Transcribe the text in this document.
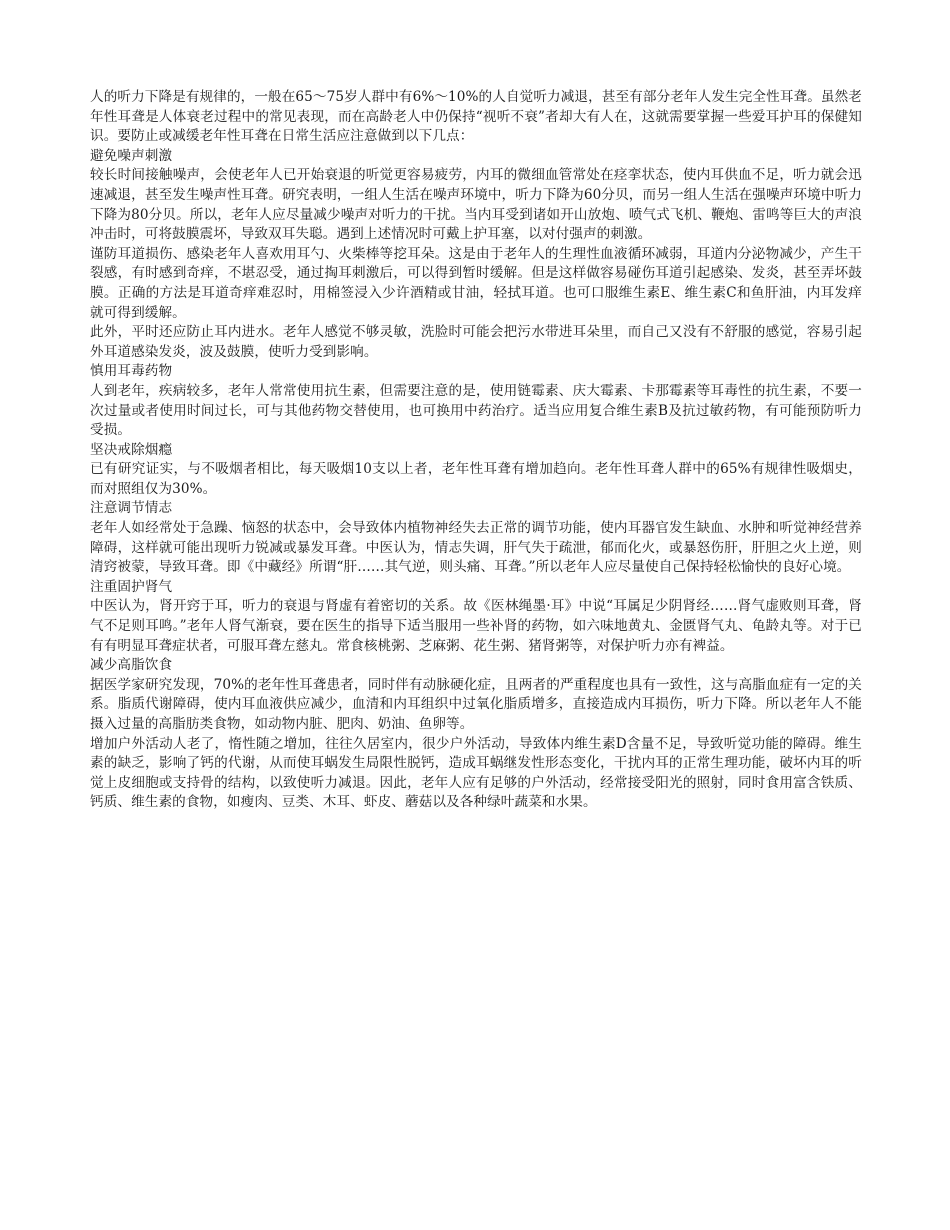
人的听力下降是有规律的，一般在65～75岁人群中有6%～10%的人自觉听力减退，甚至有部分老年人发生完全性耳聋。虽然老年性耳聋是人体衰老过程中的常见表现，而在高龄老人中仍保持“视听不衰”者却大有人在，这就需要掌握一些爱耳护耳的保健知识。要防止或减缓老年性耳聋在日常生活应注意做到以下几点：

避免噪声刺激

较长时间接触噪声，会使老年人已开始衰退的听觉更容易疲劳，内耳的微细血管常处在痉挛状态，使内耳供血不足，听力就会迅速减退，甚至发生噪声性耳聋。研究表明，一组人生活在噪声环境中，听力下降为60分贝，而另一组人生活在强噪声环境中听力下降为80分贝。所以，老年人应尽量减少噪声对听力的干扰。当内耳受到诸如开山放炮、喷气式飞机、鞭炮、雷鸣等巨大的声浪冲击时，可将鼓膜震坏，导致双耳失聪。遇到上述情况时可戴上护耳塞，以对付强声的刺激。

谨防耳道损伤、感染老年人喜欢用耳勺、火柴棒等挖耳朵。这是由于老年人的生理性血液循环减弱，耳道内分泌物减少，产生干裂感，有时感到奇痒，不堪忍受，通过掏耳刺激后，可以得到暂时缓解。但是这样做容易碰伤耳道引起感染、发炎，甚至弄坏鼓膜。正确的方法是耳道奇痒难忍时，用棉签浸入少许酒精或甘油，轻拭耳道。也可口服维生素E、维生素C和鱼肝油，内耳发痒就可得到缓解。

此外，平时还应防止耳内进水。老年人感觉不够灵敏，洗脸时可能会把污水带进耳朵里，而自己又没有不舒服的感觉，容易引起外耳道感染发炎，波及鼓膜，使听力受到影响。

慎用耳毒药物

人到老年，疾病较多，老年人常常使用抗生素，但需要注意的是，使用链霉素、庆大霉素、卡那霉素等耳毒性的抗生素，不要一次过量或者使用时间过长，可与其他药物交替使用，也可换用中药治疗。适当应用复合维生素B及抗过敏药物，有可能预防听力受损。

坚决戒除烟瘾

已有研究证实，与不吸烟者相比，每天吸烟10支以上者，老年性耳聋有增加趋向。老年性耳聋人群中的65%有规律性吸烟史，而对照组仅为30%。

注意调节情志

老年人如经常处于急躁、恼怒的状态中，会导致体内植物神经失去正常的调节功能，使内耳器官发生缺血、水肿和听觉神经营养障碍，这样就可能出现听力锐减或暴发耳聋。中医认为，情志失调，肝气失于疏泄，郁而化火，或暴怒伤肝，肝胆之火上逆，则清窍被蒙，导致耳聋。即《中藏经》所谓“肝……其气逆，则头痛、耳聋。”所以老年人应尽量使自己保持轻松愉快的良好心境。

注重固护肾气

中医认为，肾开窍于耳，听力的衰退与肾虚有着密切的关系。故《医林绳墨·耳》中说“耳属足少阴肾经……肾气虚败则耳聋，肾气不足则耳鸣。”老年人肾气渐衰，要在医生的指导下适当服用一些补肾的药物，如六味地黄丸、金匮肾气丸、龟龄丸等。对于已有有明显耳聋症状者，可服耳聋左慈丸。常食核桃粥、芝麻粥、花生粥、猪肾粥等，对保护听力亦有裨益。

减少高脂饮食

据医学家研究发现，70%的老年性耳聋患者，同时伴有动脉硬化症，且两者的严重程度也具有一致性，这与高脂血症有一定的关系。脂质代谢障碍，使内耳血液供应减少，血清和内耳组织中过氧化脂质增多，直接造成内耳损伤，听力下降。所以老年人不能摄入过量的高脂肪类食物，如动物内脏、肥肉、奶油、鱼卵等。

增加户外活动人老了，惰性随之增加，往往久居室内，很少户外活动，导致体内维生素D含量不足，导致听觉功能的障碍。维生素的缺乏，影响了钙的代谢，从而使耳蜗发生局限性脱钙，造成耳蜗继发性形态变化，干扰内耳的正常生理功能，破坏内耳的听觉上皮细胞或支持骨的结构，以致使听力减退。因此，老年人应有足够的户外活动，经常接受阳光的照射，同时食用富含铁质、钙质、维生素的食物，如瘦肉、豆类、木耳、虾皮、蘑菇以及各种绿叶蔬菜和水果。
